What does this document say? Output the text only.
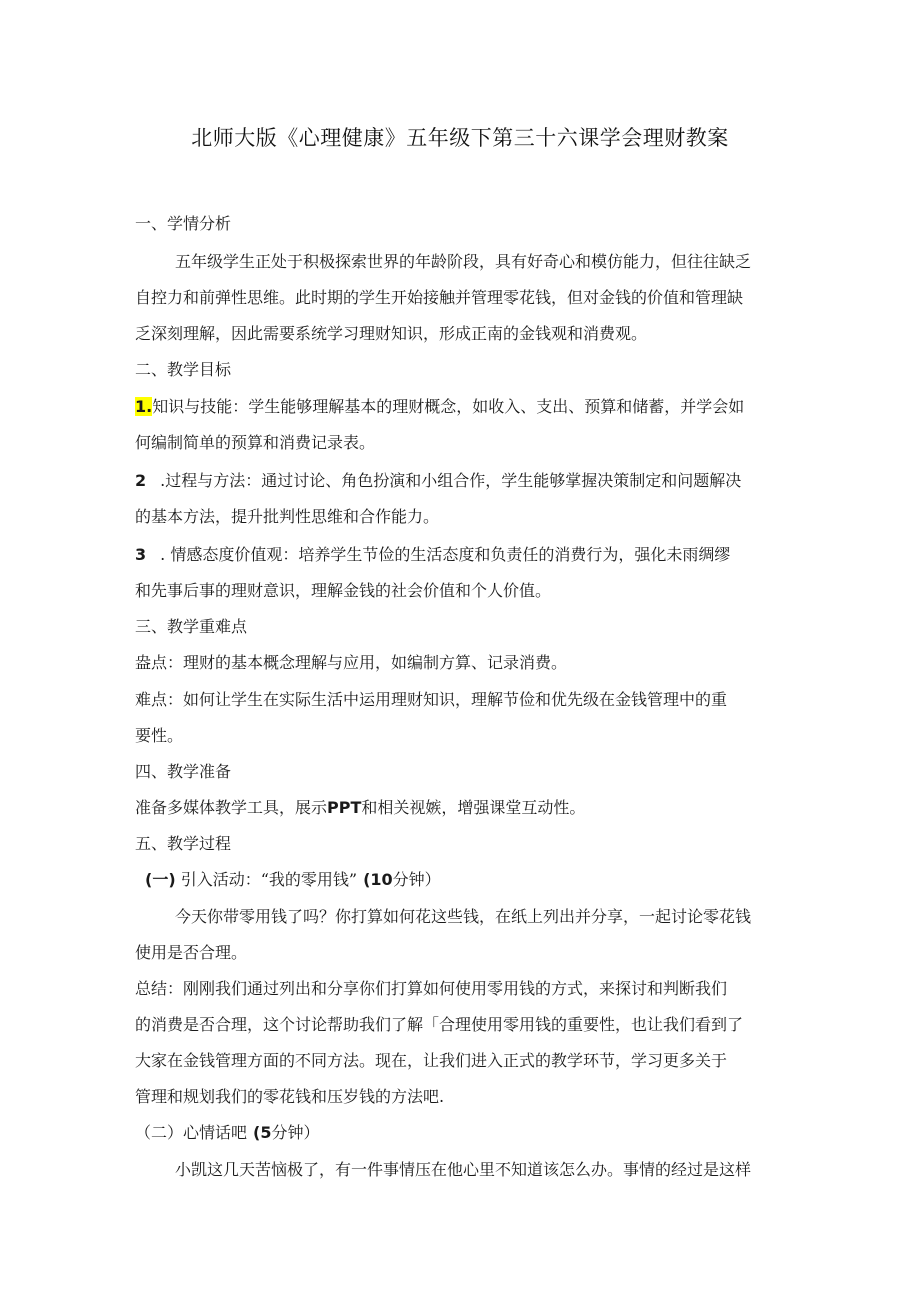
北师大版《心理健康》五年级下第三十六课学会理财教案
一、学情分析
五年级学生正处于积极探索世界的年龄阶段，具有好奇心和模仿能力，但往往缺乏
自控力和前弹性思维。此时期的学生开始接触并管理零花钱，但对金钱的价值和管理缺
乏深刻理解，因此需要系统学习理财知识，形成正南的金钱观和消费观。
二、教学目标
1.知识与技能：学生能够理解基本的理财概念，如收入、支出、预算和储蓄，并学会如
何编制简单的预算和消费记录表。
2 .过程与方法：通过讨论、角色扮演和小组合作，学生能够掌握决策制定和问题解决
的基本方法，提升批判性思维和合作能力。
3 . 情感态度价值观：培养学生节俭的生活态度和负责任的消费行为，强化未雨绸缪
和先事后事的理财意识，理解金钱的社会价值和个人价值。
三、教学重难点
盎点：理财的基本概念理解与应用，如编制方算、记录消费。
难点：如何让学生在实际生活中运用理财知识，理解节俭和优先级在金钱管理中的重
要性。
四、教学准备
准备多媒体教学工具，展示PPT和相关视嫉，增强课堂互动性。
五、教学过程
(一) 引入活动：“我的零用钱” (10分钟）
今天你带零用钱了吗？你打算如何花这些钱，在纸上列出并分享，一起讨论零花钱
使用是否合理。
总结：刚刚我们通过列出和分享你们打算如何使用零用钱的方式，来探讨和判断我们
的消费是否合理，这个讨论帮助我们了解「合理使用零用钱的重要性，也让我们看到了
大家在金钱管理方面的不同方法。现在，让我们进入正式的教学环节，学习更多关于
管理和规划我们的零花钱和压岁钱的方法吧.
（二）心情话吧 (5分钟）
小凯这几天苦恼极了，有一件事情压在他心里不知道该怎么办。事情的经过是这样
